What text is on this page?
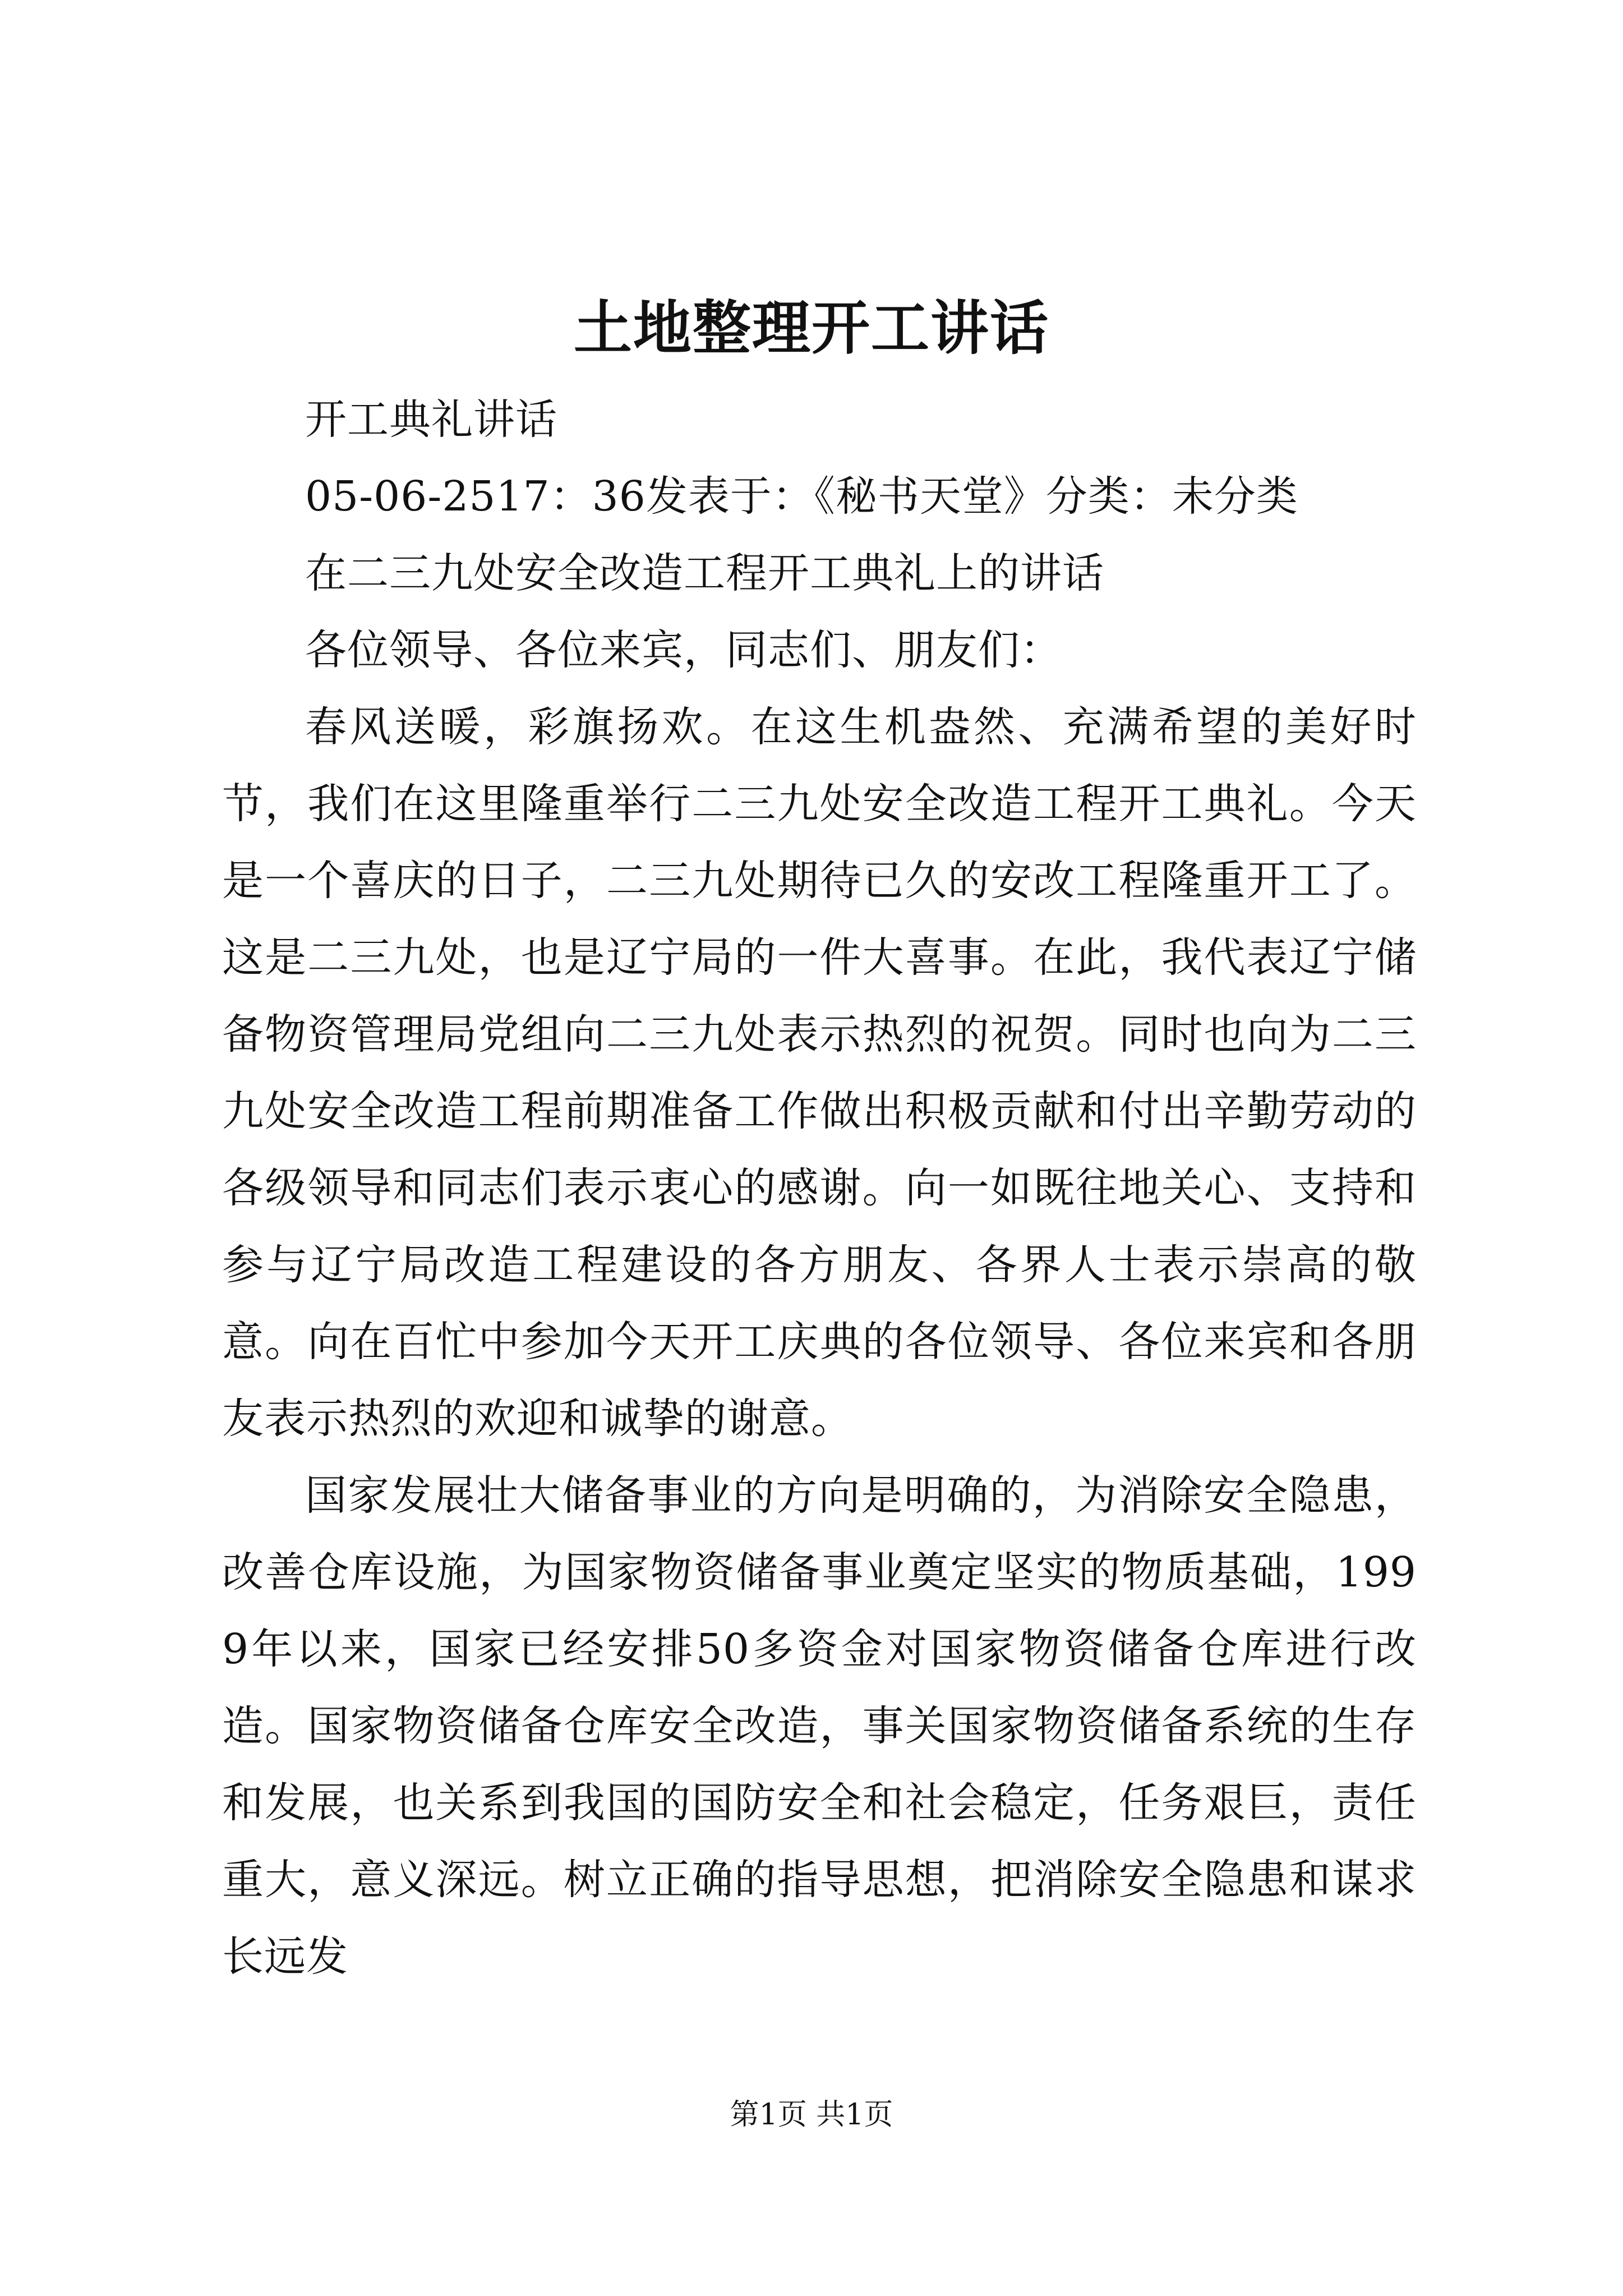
土地整理开工讲话

开工典礼讲话

05-06-2517：36发表于：《秘书天堂》分类：未分类

在二三九处安全改造工程开工典礼上的讲话

各位领导、各位来宾，同志们、朋友们：

春风送暖，彩旗扬欢。在这生机盎然、充满希望的美好时节，我们在这里隆重举行二三九处安全改造工程开工典礼。今天是一个喜庆的日子，二三九处期待已久的安改工程隆重开工了。这是二三九处，也是辽宁局的一件大喜事。在此，我代表辽宁储备物资管理局党组向二三九处表示热烈的祝贺。同时也向为二三九处安全改造工程前期准备工作做出积极贡献和付出辛勤劳动的各级领导和同志们表示衷心的感谢。向一如既往地关心、支持和参与辽宁局改造工程建设的各方朋友、各界人士表示崇高的敬意。向在百忙中参加今天开工庆典的各位领导、各位来宾和各朋友表示热烈的欢迎和诚挚的谢意。

国家发展壮大储备事业的方向是明确的，为消除安全隐患，改善仓库设施，为国家物资储备事业奠定坚实的物质基础，1999年以来，国家已经安排50多资金对国家物资储备仓库进行改造。国家物资储备仓库安全改造，事关国家物资储备系统的生存和发展，也关系到我国的国防安全和社会稳定，任务艰巨，责任重大，意义深远。树立正确的指导思想，把消除安全隐患和谋求长远发

第1页 共1页
